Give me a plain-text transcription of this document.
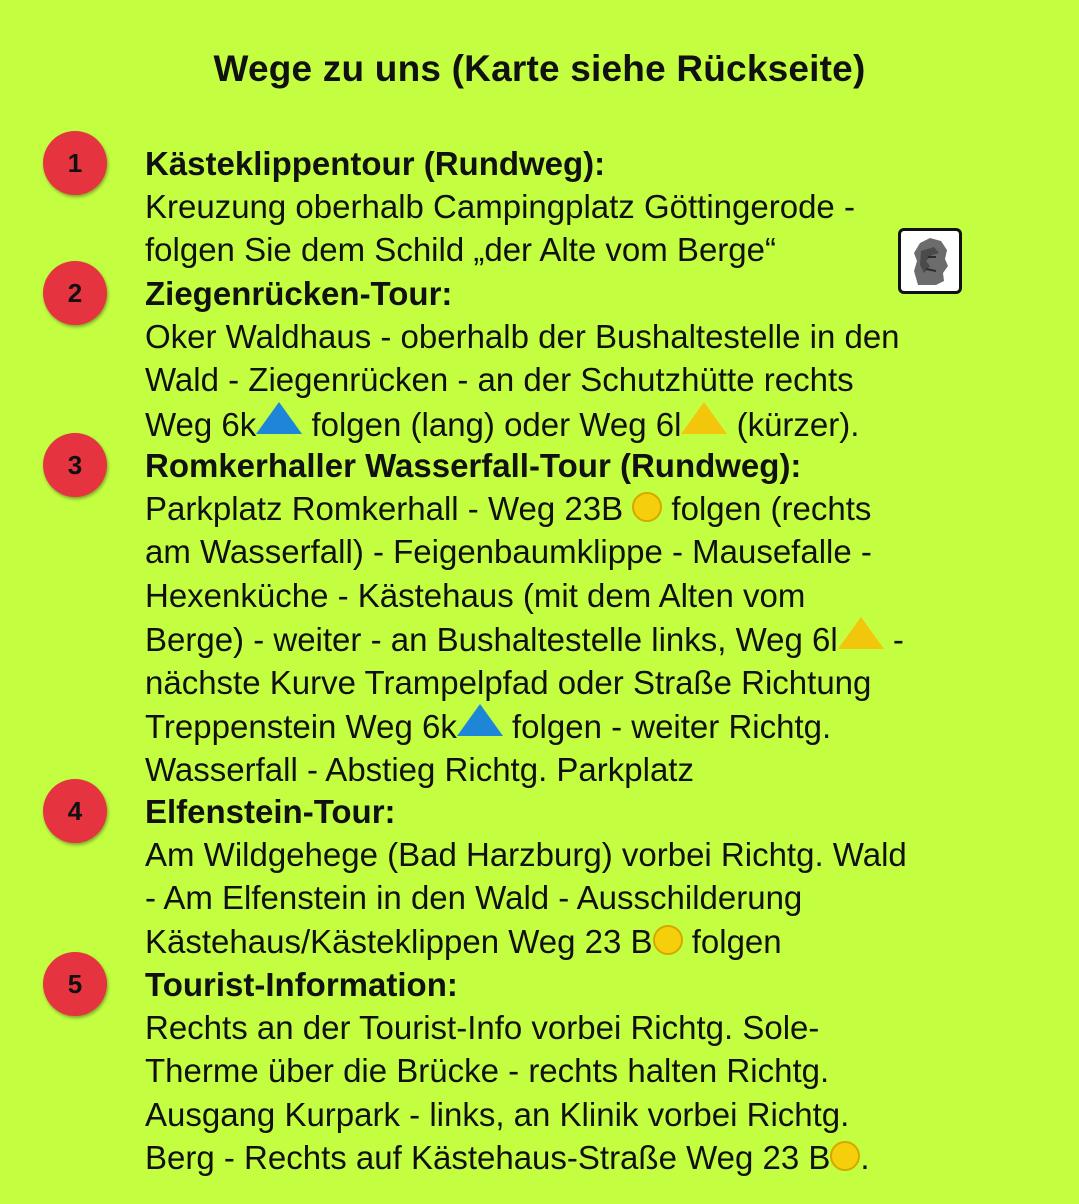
Wege zu uns (Karte siehe Rückseite)
1	Kästeklippentour (Rundweg):
Kreuzung oberhalb Campingplatz Göttingerode -
folgen Sie dem Schild „der Alte vom Berge“
2	Ziegenrücken-Tour:
Oker Waldhaus - oberhalb der Bushaltestelle in den
Wald - Ziegenrücken - an der Schutzhütte rechts
Weg 6k folgen (lang) oder Weg 6l (kürzer).
3	Romkerhaller Wasserfall-Tour (Rundweg):
Parkplatz Romkerhall - Weg 23B  folgen (rechts
am Wasserfall) - Feigenbaumklippe - Mausefalle -
Hexenküche - Kästehaus (mit dem Alten vom
Berge) - weiter - an Bushaltestelle links, Weg 6l -
nächste Kurve Trampelpfad oder Straße Richtung
Treppenstein Weg 6k folgen - weiter Richtg.
Wasserfall - Abstieg Richtg. Parkplatz
4	Elfenstein-Tour:
Am Wildgehege (Bad Harzburg) vorbei Richtg. Wald
- Am Elfenstein in den Wald - Ausschilderung
Kästehaus/Kästeklippen Weg 23 B folgen
5	Tourist-Information:
Rechts an der Tourist-Info vorbei Richtg. Sole-
Therme über die Brücke - rechts halten Richtg.
Ausgang Kurpark - links, an Klinik vorbei Richtg.
Berg - Rechts auf Kästehaus-Straße Weg 23 B .
